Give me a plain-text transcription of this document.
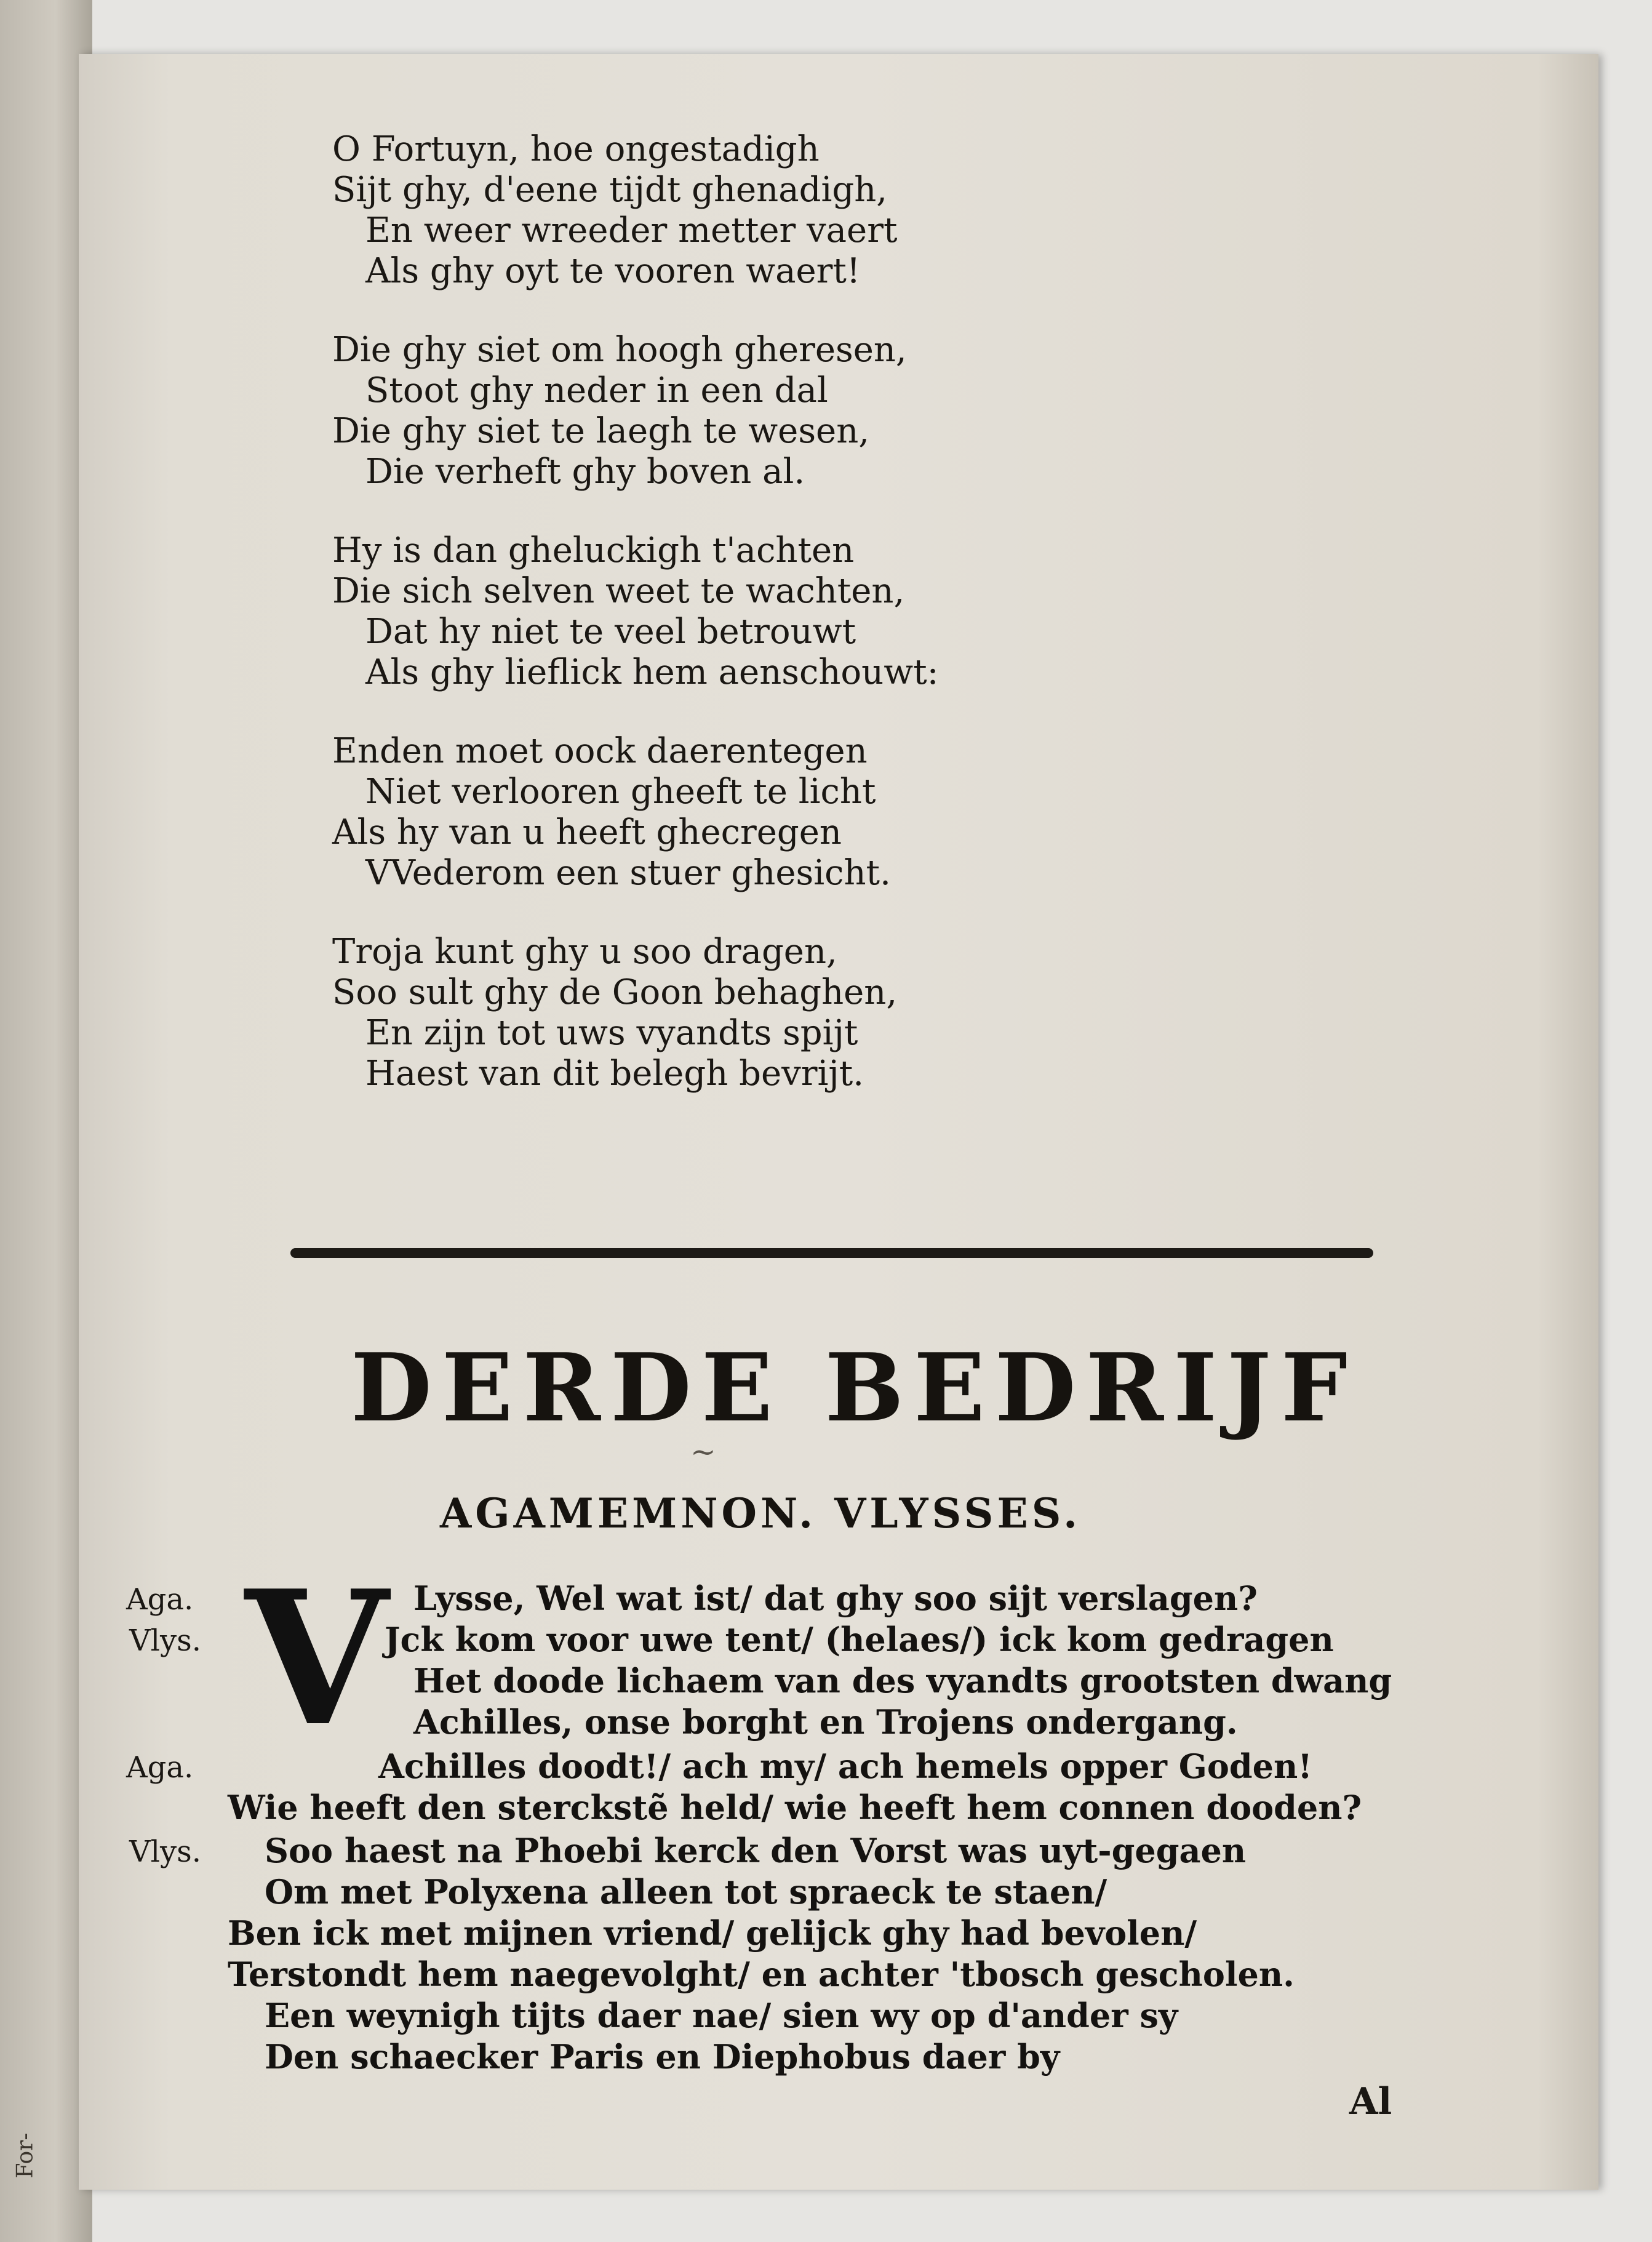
For-
O Fortuyn, hoe ongestadigh
Sijt ghy, d'eene tijdt ghenadigh,
En weer wreeder metter vaert
Als ghy oyt te vooren waert!
Die ghy siet om hoogh gheresen,
Stoot ghy neder in een dal
Die ghy siet te laegh te wesen,
Die verheft ghy boven al.
Hy is dan gheluckigh t'achten
Die sich selven weet te wachten,
Dat hy niet te veel betrouwt
Als ghy lieflick hem aenschouwt:
Enden moet oock daerentegen
Niet verlooren gheeft te licht
Als hy van u heeft ghecregen
VVederom een stuer ghesicht.
Troja kunt ghy u soo dragen,
Soo sult ghy de Goon behaghen,
En zijn tot uws vyandts spijt
Haest van dit belegh bevrijt.
DERDE BEDRIJF
~
AGAMEMNON. VLYSSES.
V
Aga.	Lysse, Wel wat ist/ dat ghy soo sijt verslagen?
Vlys.	Jck kom voor uwe tent/ (helaes/) ick kom gedragen
Het doode lichaem van des vyandts grootsten dwang
Achilles, onse borght en Trojens ondergang.
Aga.	Achilles doodt!/ ach my/ ach hemels opper Goden!
Wie heeft den sterckstẽ held/ wie heeft hem connen dooden?
Vlys. Soo haest na Phoebi kerck den Vorst was uyt-gegaen
Om met Polyxena alleen tot spraeck te staen/
Ben ick met mijnen vriend/ gelijck ghy had bevolen/
Terstondt hem naegevolght/ en achter 'tbosch gescholen.
Een weynigh tijts daer nae/ sien wy op d'ander sy
Den schaecker Paris en Diephobus daer by
Al
